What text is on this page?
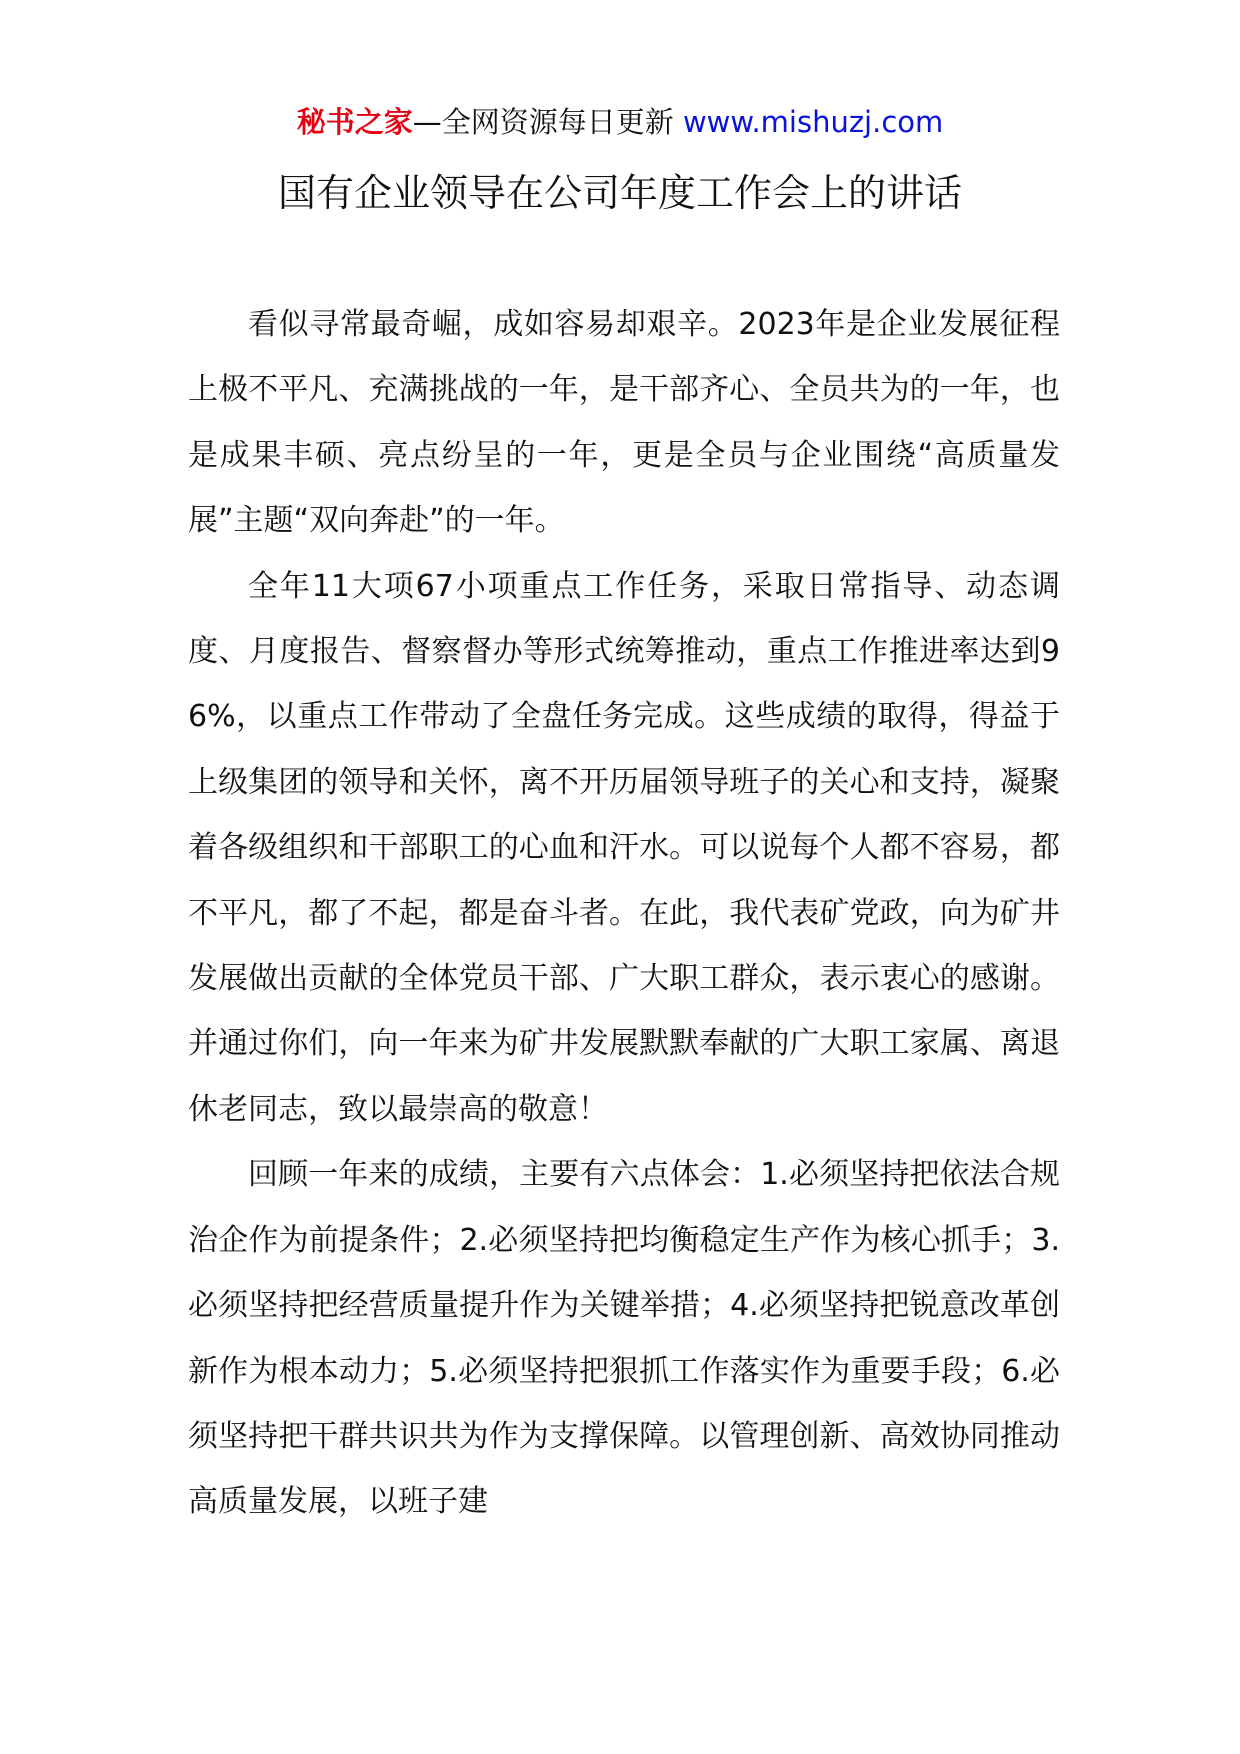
秘书之家—全网资源每日更新 www.mishuzj.com
国有企业领导在公司年度工作会上的讲话

看似寻常最奇崛，成如容易却艰辛。2023年是企业发展征程上极不平凡、充满挑战的一年，是干部齐心、全员共为的一年，也是成果丰硕、亮点纷呈的一年，更是全员与企业围绕“高质量发展”主题“双向奔赴”的一年。

全年11大项67小项重点工作任务，采取日常指导、动态调度、月度报告、督察督办等形式统筹推动，重点工作推进率达到96%，以重点工作带动了全盘任务完成。这些成绩的取得，得益于上级集团的领导和关怀，离不开历届领导班子的关心和支持，凝聚着各级组织和干部职工的心血和汗水。可以说每个人都不容易，都不平凡，都了不起，都是奋斗者。在此，我代表矿党政，向为矿井发展做出贡献的全体党员干部、广大职工群众，表示衷心的感谢。并通过你们，向一年来为矿井发展默默奉献的广大职工家属、离退休老同志，致以最崇高的敬意！

回顾一年来的成绩，主要有六点体会：1.必须坚持把依法合规治企作为前提条件；2.必须坚持把均衡稳定生产作为核心抓手；3.必须坚持把经营质量提升作为关键举措；4.必须坚持把锐意改革创新作为根本动力；5.必须坚持把狠抓工作落实作为重要手段；6.必须坚持把干群共识共为作为支撑保障。以管理创新、高效协同推动高质量发展，以班子建
